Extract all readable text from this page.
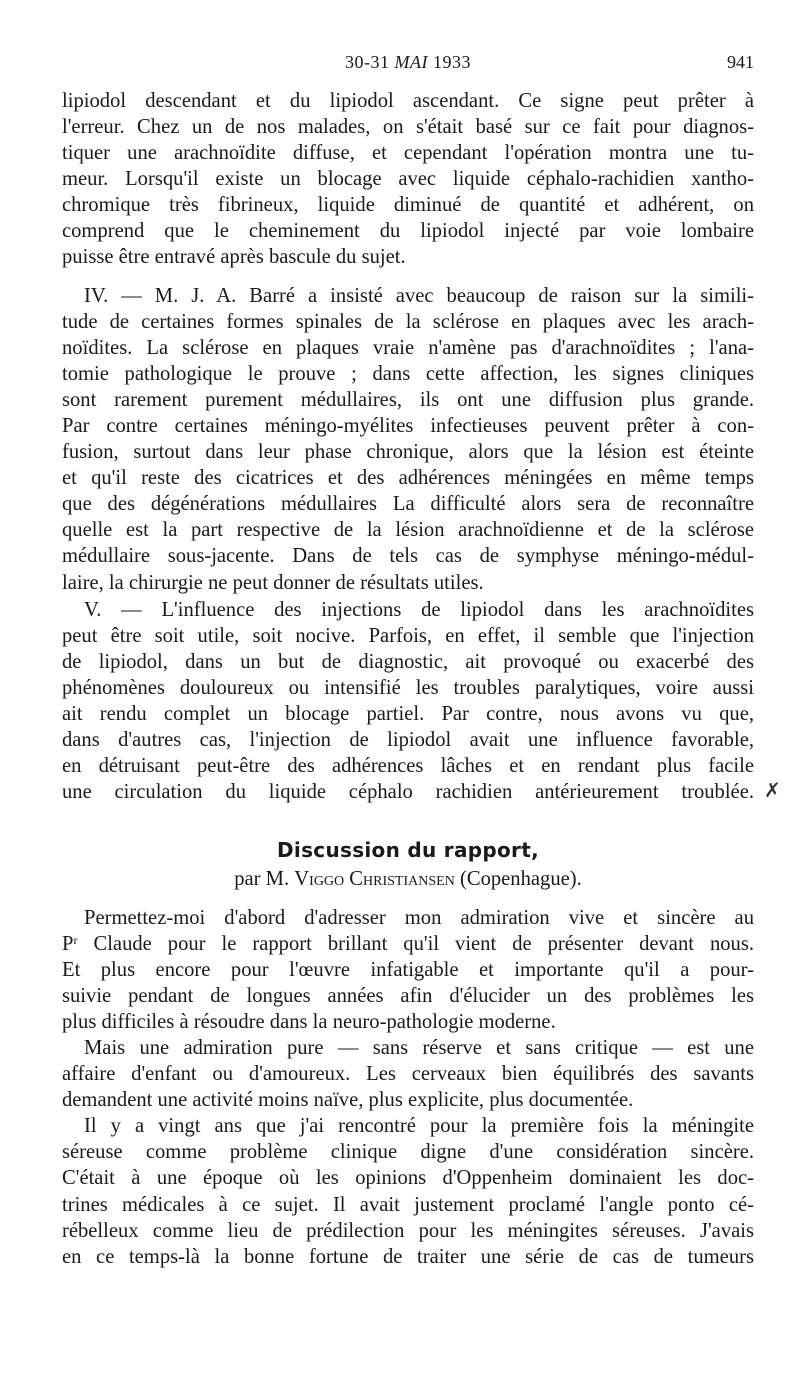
30-31 MAI 1933	941
lipiodol descendant et du lipiodol ascendant. Ce signe peut prêter à
l'erreur. Chez un de nos malades, on s'était basé sur ce fait pour diagnos-
tiquer une arachnoïdite diffuse, et cependant l'opération montra une tu-
meur. Lorsqu'il existe un blocage avec liquide céphalo-rachidien xantho-
chromique très fibrineux, liquide diminué de quantité et adhérent, on
comprend que le cheminement du lipiodol injecté par voie lombaire
puisse être entravé après bascule du sujet.
IV. — M. J. A. Barré a insisté avec beaucoup de raison sur la simili-
tude de certaines formes spinales de la sclérose en plaques avec les arach-
noïdites. La sclérose en plaques vraie n'amène pas d'arachnoïdites ; l'ana-
tomie pathologique le prouve ; dans cette affection, les signes cliniques
sont rarement purement médullaires, ils ont une diffusion plus grande.
Par contre certaines méningo-myélites infectieuses peuvent prêter à con-
fusion, surtout dans leur phase chronique, alors que la lésion est éteinte
et qu'il reste des cicatrices et des adhérences méningées en même temps
que des dégénérations médullaires La difficulté alors sera de reconnaître
quelle est la part respective de la lésion arachnoïdienne et de la sclérose
médullaire sous-jacente. Dans de tels cas de symphyse méningo-médul-
laire, la chirurgie ne peut donner de résultats utiles.
V. — L'influence des injections de lipiodol dans les arachnoïdites
peut être soit utile, soit nocive. Parfois, en effet, il semble que l'injection
de lipiodol, dans un but de diagnostic, ait provoqué ou exacerbé des
phénomènes douloureux ou intensifié les troubles paralytiques, voire aussi
ait rendu complet un blocage partiel. Par contre, nous avons vu que,
dans d'autres cas, l'injection de lipiodol avait une influence favorable,
en détruisant peut-être des adhérences lâches et en rendant plus facile
une circulation du liquide céphalo rachidien antérieurement troublée. ✗
Discussion du rapport,
par M. Viggo Christiansen (Copenhague).
Permettez-moi d'abord d'adresser mon admiration vive et sincère au
$P^r$ Claude pour le rapport brillant qu'il vient de présenter devant nous.
Et plus encore pour l'œuvre infatigable et importante qu'il a pour-
suivie pendant de longues années afin d'élucider un des problèmes les
plus difficiles à résoudre dans la neuro-pathologie moderne.
Mais une admiration pure — sans réserve et sans critique — est une
affaire d'enfant ou d'amoureux. Les cerveaux bien équilibrés des savants
demandent une activité moins naïve, plus explicite, plus documentée.
Il y a vingt ans que j'ai rencontré pour la première fois la méningite
séreuse comme problème clinique digne d'une considération sincère.
C'était à une époque où les opinions d'Oppenheim dominaient les doc-
trines médicales à ce sujet. Il avait justement proclamé l'angle ponto cé-
rébelleux comme lieu de prédilection pour les méningites séreuses. J'avais
en ce temps-là la bonne fortune de traiter une série de cas de tumeurs
